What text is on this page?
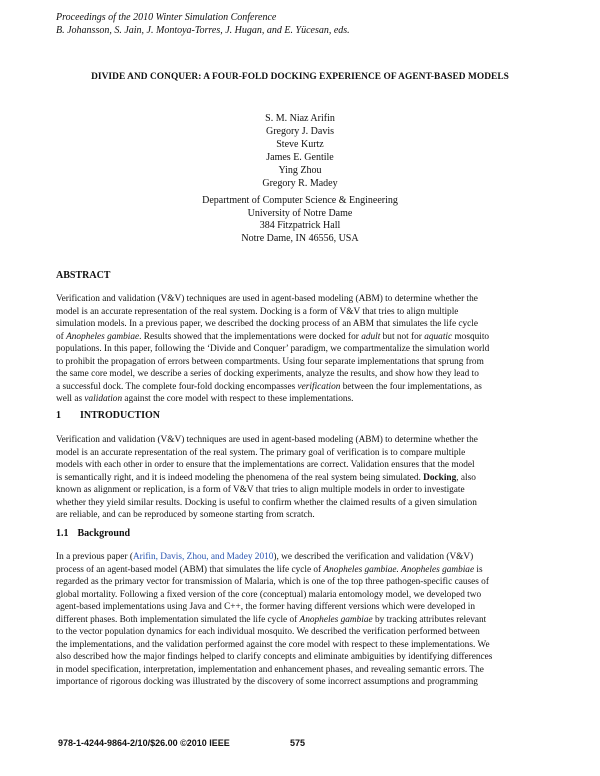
Proceedings of the 2010 Winter Simulation Conference
B. Johansson, S. Jain, J. Montoya-Torres, J. Hugan, and E. Yücesan, eds.
DIVIDE AND CONQUER: A FOUR-FOLD DOCKING EXPERIENCE OF AGENT-BASED MODELS
S. M. Niaz Arifin
Gregory J. Davis
Steve Kurtz
James E. Gentile
Ying Zhou
Gregory R. Madey
Department of Computer Science & Engineering
University of Notre Dame
384 Fitzpatrick Hall
Notre Dame, IN 46556, USA
ABSTRACT
Verification and validation (V&V) techniques are used in agent-based modeling (ABM) to determine whether the
model is an accurate representation of the real system. Docking is a form of V&V that tries to align multiple
simulation models. In a previous paper, we described the docking process of an ABM that simulates the life cycle
of Anopheles gambiae. Results showed that the implementations were docked for adult but not for aquatic mosquito
populations. In this paper, following the ‘Divide and Conquer’ paradigm, we compartmentalize the simulation world
to prohibit the propagation of errors between compartments. Using four separate implementations that sprung from
the same core model, we describe a series of docking experiments, analyze the results, and show how they lead to
a successful dock. The complete four-fold docking encompasses verification between the four implementations, as
well as validation against the core model with respect to these implementations.
1 INTRODUCTION
Verification and validation (V&V) techniques are used in agent-based modeling (ABM) to determine whether the
model is an accurate representation of the real system. The primary goal of verification is to compare multiple
models with each other in order to ensure that the implementations are correct. Validation ensures that the model
is semantically right, and it is indeed modeling the phenomena of the real system being simulated. Docking, also
known as alignment or replication, is a form of V&V that tries to align multiple models in order to investigate
whether they yield similar results. Docking is useful to confirm whether the claimed results of a given simulation
are reliable, and can be reproduced by someone starting from scratch.
1.1 Background
In a previous paper (Arifin, Davis, Zhou, and Madey 2010), we described the verification and validation (V&V)
process of an agent-based model (ABM) that simulates the life cycle of Anopheles gambiae. Anopheles gambiae is
regarded as the primary vector for transmission of Malaria, which is one of the top three pathogen-specific causes of
global mortality. Following a fixed version of the core (conceptual) malaria entomology model, we developed two
agent-based implementations using Java and C++, the former having different versions which were developed in
different phases. Both implementation simulated the life cycle of Anopheles gambiae by tracking attributes relevant
to the vector population dynamics for each individual mosquito. We described the verification performed between
the implementations, and the validation performed against the core model with respect to these implementations. We
also described how the major findings helped to clarify concepts and eliminate ambiguities by identifying differences
in model specification, interpretation, implementation and enhancement phases, and revealing semantic errors. The
importance of rigorous docking was illustrated by the discovery of some incorrect assumptions and programming
978-1-4244-9864-2/10/$26.00 ©2010 IEEE	575
